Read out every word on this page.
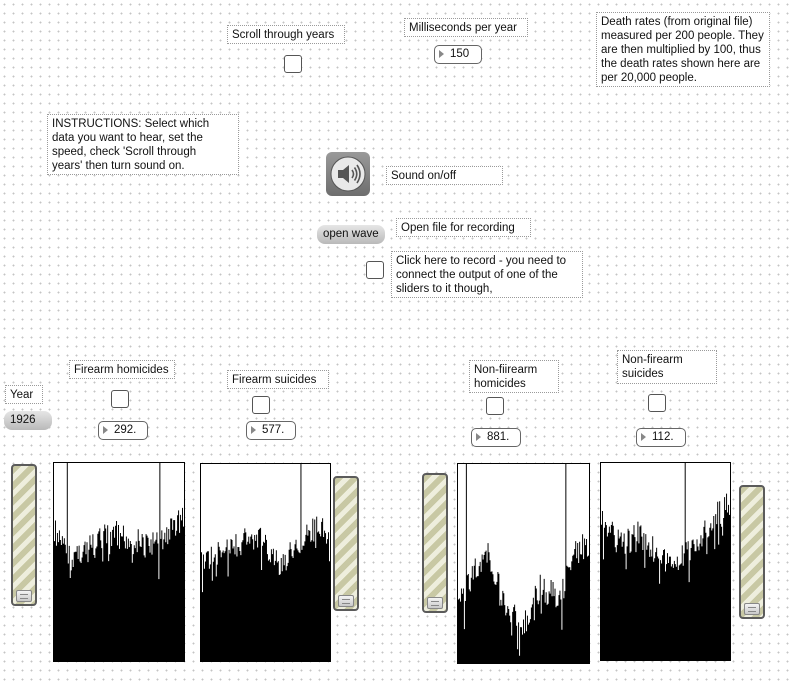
Scroll through years
Milliseconds per year
150
Death rates (from original file)
measured per 200 people. They
are then multiplied by 100, thus
the death rates shown here are
per 20,000 people.
INSTRUCTIONS: Select which
data you want to hear, set the
speed, check 'Scroll through
years' then turn sound on.
Sound on/off
open wave	Open file for recording
Click here to record - you need to
connect the output of one of the
sliders to it though,
Year
1926
Firearm homicides
292.
Firearm suicides
577.
Non-fiirearm
homicides
881.
Non-firearm
suicides
112.
